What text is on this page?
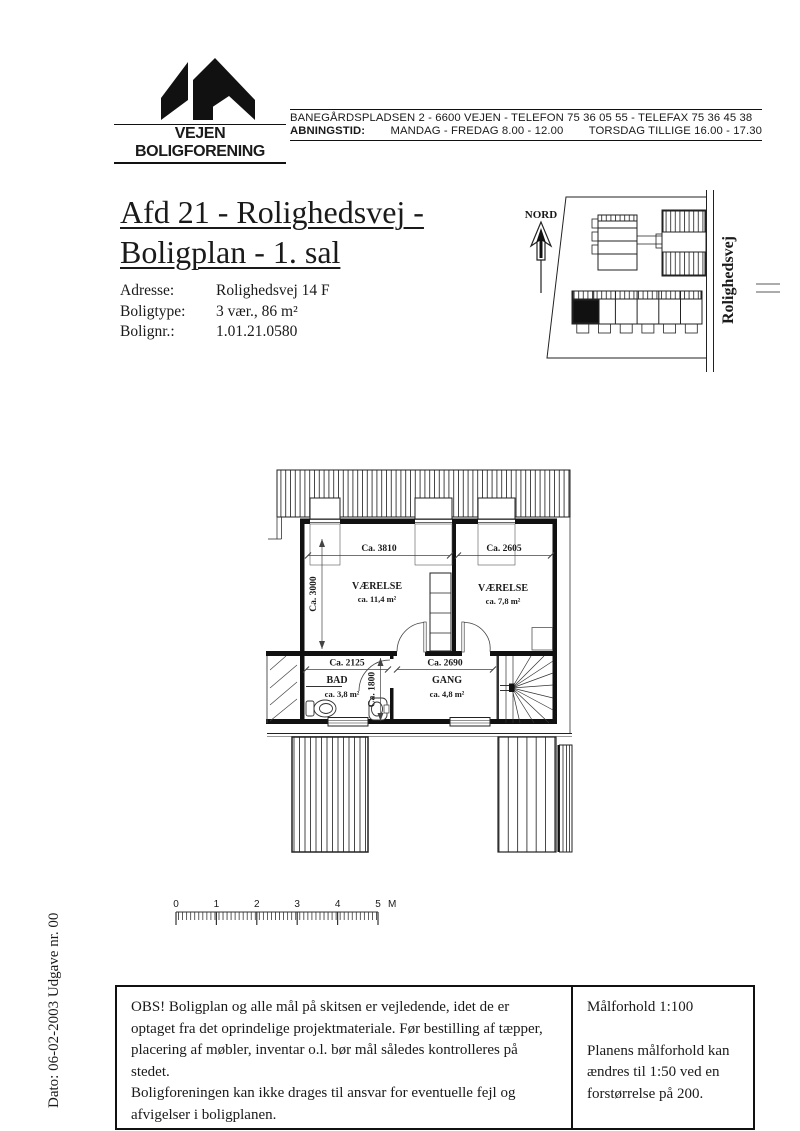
VEJEN BOLIGFORENING
BANEGÅRDSPLADSEN 2 - 6600 VEJEN - TELEFON 75 36 05 55 - TELEFAX 75 36 45 38
ABNINGSTID: MANDAG - FREDAG 8.00 - 12.00 TORSDAG TILLIGE 16.00 - 17.30
Afd 21 - Rolighedsvej -
Boligplan - 1. sal
Adresse:	Rolighedsvej 14 F
Boligtype: 3 vær., 86 m²
Bolignr.:	1.01.21.0580
NORD
Rolighedsvej
Ca. 3810	Ca. 2605
Ca. 3000
Ca. 2125	Ca. 2690
Ca. 1800
VÆRELSE
ca. 11,4 m²
VÆRELSE
ca. 7,8 m²
BAD
ca. 3,8 m²
GANG
ca. 4,8 m²
0	1	2	3	4	5 M

OBS! Boligplan og alle mål på skitsen er vejledende, idet de er optaget fra det oprindelige projektmateriale. Før bestilling af tæpper, placering af møbler, inventar o.l. bør mål således kontrolleres på stedet.

Boligforeningen kan ikke drages til ansvar for eventuelle fejl og afvigelser i boligplanen.

Målforhold 1:100

Planens målforhold kan ændres til 1:50 ved en forstørrelse på 200.

Dato: 06-02-2003 Udgave nr. 00
